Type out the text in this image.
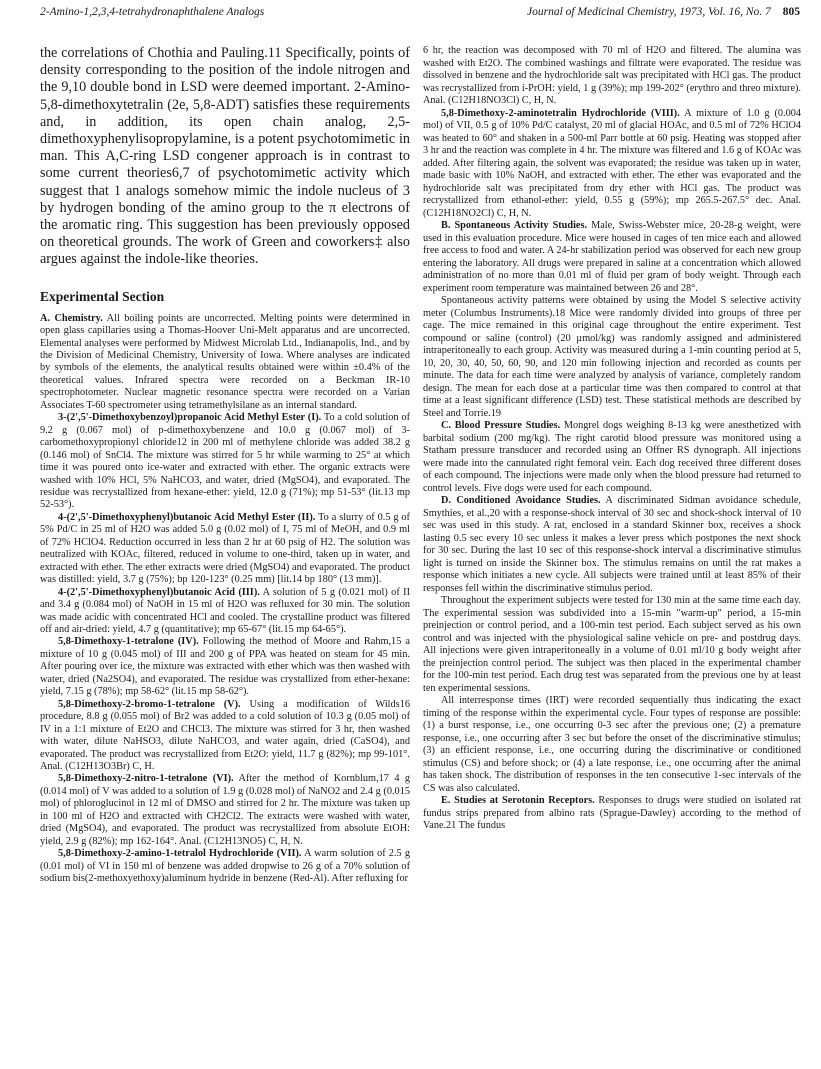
2-Amino-1,2,3,4-tetrahydronaphthalene Analogs	Journal of Medicinal Chemistry, 1973, Vol. 16, No. 7 805

the correlations of Chothia and Pauling.11 Specifically, points of density corresponding to the position of the indole nitrogen and the 9,10 double bond in LSD were deemed important. 2-Amino-5,8-dimethoxytetralin (2e, 5,8-ADT) satisfies these requirements and, in addition, its open chain analog, 2,5-dimethoxyphenylisopropylamine, is a potent psychotomimetic in man. This A,C-ring LSD congener approach is in contrast to some current theories6,7 of psychotomimetic activity which suggest that 1 analogs somehow mimic the indole nucleus of 3 by hydrogen bonding of the amino group to the π electrons of the aromatic ring. This suggestion has been previously opposed on theoretical grounds. The work of Green and coworkers‡ also argues against the indole-like theories.

Experimental Section

A. Chemistry. All boiling points are uncorrected. Melting points were determined in open glass capillaries using a Thomas-Hoover Uni-Melt apparatus and are uncorrected. Elemental analyses were performed by Midwest Microlab Ltd., Indianapolis, Ind., and by the Division of Medicinal Chemistry, University of Iowa. Where analyses are indicated by symbols of the elements, the analytical results obtained were within ±0.4% of the theoretical values. Infrared spectra were recorded on a Beckman IR-10 spectrophotometer. Nuclear magnetic resonance spectra were recorded on a Varian Associates T-60 spectrometer using tetramethylsilane as an internal standard.

3-(2',5'-Dimethoxybenzoyl)propanoic Acid Methyl Ester (I). To a cold solution of 9.2 g (0.067 mol) of p-dimethoxybenzene and 10.0 g (0.067 mol) of 3-carbomethoxypropionyl chloride12 in 200 ml of methylene chloride was added 38.2 g (0.146 mol) of SnCl4. The mixture was stirred for 5 hr while warming to 25° at which time it was poured onto ice-water and extracted with ether. The organic extracts were washed with 10% HCl, 5% NaHCO3, and water, dried (MgSO4), and evaporated. The residue was recrystallized from hexane-ether: yield, 12.0 g (71%); mp 51-53° (lit.13 mp 52-53°).

4-(2',5'-Dimethoxyphenyl)butanoic Acid Methyl Ester (II). To a slurry of 0.5 g of 5% Pd/C in 25 ml of H2O was added 5.0 g (0.02 mol) of I, 75 ml of MeOH, and 0.9 ml of 72% HClO4. Reduction occurred in less than 2 hr at 60 psig of H2. The solution was neutralized with KOAc, filtered, reduced in volume to one-third, taken up in water, and extracted with ether. The ether extracts were dried (MgSO4) and evaporated. The product was distilled: yield, 3.7 g (75%); bp 120-123° (0.25 mm) [lit.14 bp 180° (13 mm)].

4-(2',5'-Dimethoxyphenyl)butanoic Acid (III). A solution of 5 g (0.021 mol) of II and 3.4 g (0.084 mol) of NaOH in 15 ml of H2O was refluxed for 30 min. The solution was made acidic with concentrated HCl and cooled. The crystalline product was filtered off and air-dried: yield, 4.7 g (quantitative); mp 65-67° (lit.15 mp 64-65°).

5,8-Dimethoxy-1-tetralone (IV). Following the method of Moore and Rahm,15 a mixture of 10 g (0.045 mol) of III and 200 g of PPA was heated on steam for 45 min. After pouring over ice, the mixture was extracted with ether which was then washed with water, dried (Na2SO4), and evaporated. The residue was crystallized from ether-hexane: yield, 7.15 g (78%); mp 58-62° (lit.15 mp 58-62°).

5,8-Dimethoxy-2-bromo-1-tetralone (V). Using a modification of Wilds16 procedure, 8.8 g (0.055 mol) of Br2 was added to a cold solution of 10.3 g (0.05 mol) of IV in a 1:1 mixture of Et2O and CHCl3. The mixture was stirred for 3 hr, then washed with water, dilute NaHSO3, dilute NaHCO3, and water again, dried (CaSO4), and evaporated. The product was recrystallized from Et2O: yield, 11.7 g (82%); mp 99-101°. Anal. (C12H13O3Br) C, H.

5,8-Dimethoxy-2-nitro-1-tetralone (VI). After the method of Kornblum,17 4 g (0.014 mol) of V was added to a solution of 1.9 g (0.028 mol) of NaNO2 and 2.4 g (0.015 mol) of phloroglucinol in 12 ml of DMSO and stirred for 2 hr. The mixture was taken up in 100 ml of H2O and extracted with CH2Cl2. The extracts were washed with water, dried (MgSO4), and evaporated. The product was recrystallized from absolute EtOH: yield, 2.9 g (82%); mp 162-164°. Anal. (C12H13NO5) C, H, N.

5,8-Dimethoxy-2-amino-1-tetralol Hydrochloride (VII). A warm solution of 2.5 g (0.01 mol) of VI in 150 ml of benzene was added dropwise to 26 g of a 70% solution of sodium bis(2-methoxyethoxy)aluminum hydride in benzene (Red-Al). After refluxing for

6 hr, the reaction was decomposed with 70 ml of H2O and filtered. The alumina was washed with Et2O. The combined washings and filtrate were evaporated. The residue was dissolved in benzene and the hydrochloride salt was precipitated with HCl gas. The product was recrystallized from i-PrOH: yield, 1 g (39%); mp 199-202° (erythro and threo mixture). Anal. (C12H18NO3Cl) C, H, N.

5,8-Dimethoxy-2-aminotetralin Hydrochloride (VIII). A mixture of 1.0 g (0.004 mol) of VII, 0.5 g of 10% Pd/C catalyst, 20 ml of glacial HOAc, and 0.5 ml of 72% HClO4 was heated to 60° and shaken in a 500-ml Parr bottle at 60 psig. Heating was stopped after 3 hr and the reaction was complete in 4 hr. The mixture was filtered and 1.6 g of KOAc was added. After filtering again, the solvent was evaporated; the residue was taken up in water, made basic with 10% NaOH, and extracted with ether. The ether was evaporated and the hydrochloride salt was precipitated from dry ether with HCl gas. The product was recrystallized from ethanol-ether: yield, 0.55 g (59%); mp 265.5-267.5° dec. Anal. (C12H18NO2Cl) C, H, N.

B. Spontaneous Activity Studies. Male, Swiss-Webster mice, 20-28-g weight, were used in this evaluation procedure. Mice were housed in cages of ten mice each and allowed free access to food and water. A 24-hr stabilization period was observed for each new group entering the laboratory. All drugs were prepared in saline at a concentration which allowed administration of no more than 0.01 ml of fluid per gram of body weight. Through each experiment room temperature was maintained between 26 and 28°.

Spontaneous activity patterns were obtained by using the Model S selective activity meter (Columbus Instruments).18 Mice were randomly divided into groups of three per cage. The mice remained in this original cage throughout the entire experiment. Test compound or saline (control) (20 µmol/kg) was randomly assigned and administered intraperitoneally to each group. Activity was measured during a 1-min counting period at 5, 10, 20, 30, 40, 50, 60, 90, and 120 min following injection and recorded as counts per minute. The data for each time were analyzed by analysis of variance, completely random design. The mean for each dose at a particular time was then compared to control at that time at a least significant difference (LSD) test. These statistical methods are described by Steel and Torrie.19

C. Blood Pressure Studies. Mongrel dogs weighing 8-13 kg were anesthetized with barbital sodium (200 mg/kg). The right carotid blood pressure was monitored using a Statham pressure transducer and recorded using an Offner RS dynograph. All injections were made into the cannulated right femoral vein. Each dog received three different doses of each compound. The injections were made only when the blood pressure had returned to control levels. Five dogs were used for each compound.

D. Conditioned Avoidance Studies. A discriminated Sidman avoidance schedule, Smythies, et al.,20 with a response-shock interval of 30 sec and shock-shock interval of 10 sec was used in this study. A rat, enclosed in a standard Skinner box, receives a shock lasting 0.5 sec every 10 sec unless it makes a lever press which postpones the next shock for 30 sec. During the last 10 sec of this response-shock interval a discriminative stimulus light is turned on inside the Skinner box. The stimulus remains on until the rat makes a response which initiates a new cycle. All subjects were trained until at least 85% of their responses fell within the discriminative stimulus period.

Throughout the experiment subjects were tested for 130 min at the same time each day. The experimental session was subdivided into a 15-min "warm-up" period, a 15-min preinjection or control period, and a 100-min test period. Each subject served as his own control and was injected with the physiological saline vehicle on pre- and postdrug days. All injections were given intraperitoneally in a volume of 0.01 ml/10 g body weight after the preinjection control period. The subject was then placed in the experimental chamber for the 100-min test period. Each drug test was separated from the previous one by at least ten experimental sessions.

All interresponse times (IRT) were recorded sequentially thus indicating the exact timing of the response within the experimental cycle. Four types of response are possible: (1) a burst response, i.e., one occurring 0-3 sec after the previous one; (2) a premature response, i.e., one occurring after 3 sec but before the onset of the discriminative stimulus; (3) an efficient response, i.e., one occurring during the discriminative or conditioned stimulus (CS) and before shock; or (4) a late response, i.e., one occurring after the animal has taken shock. The distribution of responses in the ten consecutive 1-sec intervals of the CS was also calculated.

E. Studies at Serotonin Receptors. Responses to drugs were studied on isolated rat fundus strips prepared from albino rats (Sprague-Dawley) according to the method of Vane.21 The fundus
